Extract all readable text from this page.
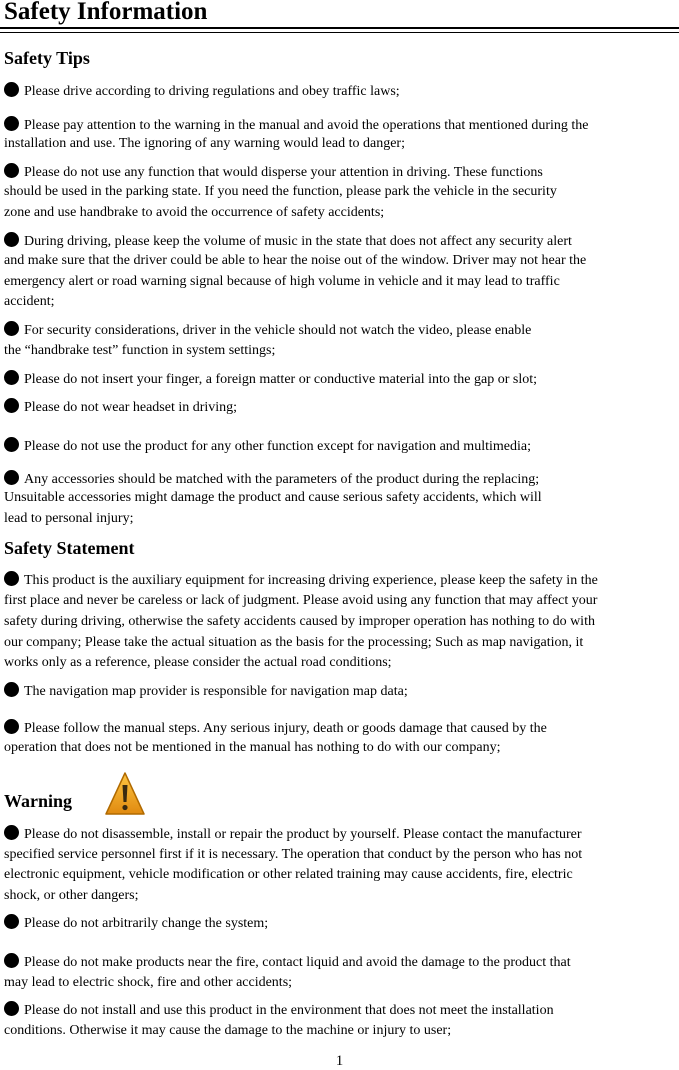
Safety Information
Safety Tips
Please drive according to driving regulations and obey traffic laws;
Please pay attention to the warning in the manual and avoid the operations that mentioned during the
installation and use. The ignoring of any warning would lead to danger;
Please do not use any function that would disperse your attention in driving. These functions
should be used in the parking state. If you need the function, please park the vehicle in the security
zone and use handbrake to avoid the occurrence of safety accidents;
During driving, please keep the volume of music in the state that does not affect any security alert
and make sure that the driver could be able to hear the noise out of the window. Driver may not hear the
emergency alert or road warning signal because of high volume in vehicle and it may lead to traffic
accident;
For security considerations, driver in the vehicle should not watch the video, please enable
the “handbrake test” function in system settings;
Please do not insert your finger, a foreign matter or conductive material into the gap or slot;
Please do not wear headset in driving;
Please do not use the product for any other function except for navigation and multimedia;
Any accessories should be matched with the parameters of the product during the replacing;
Unsuitable accessories might damage the product and cause serious safety accidents, which will
lead to personal injury;
Safety Statement
This product is the auxiliary equipment for increasing driving experience, please keep the safety in the
first place and never be careless or lack of judgment. Please avoid using any function that may affect your
safety during driving, otherwise the safety accidents caused by improper operation has nothing to do with
our company; Please take the actual situation as the basis for the processing; Such as map navigation, it
works only as a reference, please consider the actual road conditions;
The navigation map provider is responsible for navigation map data;
Please follow the manual steps. Any serious injury, death or goods damage that caused by the
operation that does not be mentioned in the manual has nothing to do with our company;
Warning
Please do not disassemble, install or repair the product by yourself. Please contact the manufacturer
specified service personnel first if it is necessary. The operation that conduct by the person who has not
electronic equipment, vehicle modification or other related training may cause accidents, fire, electric
shock, or other dangers;
Please do not arbitrarily change the system;
Please do not make products near the fire, contact liquid and avoid the damage to the product that
may lead to electric shock, fire and other accidents;
Please do not install and use this product in the environment that does not meet the installation
conditions. Otherwise it may cause the damage to the machine or injury to user;
1
